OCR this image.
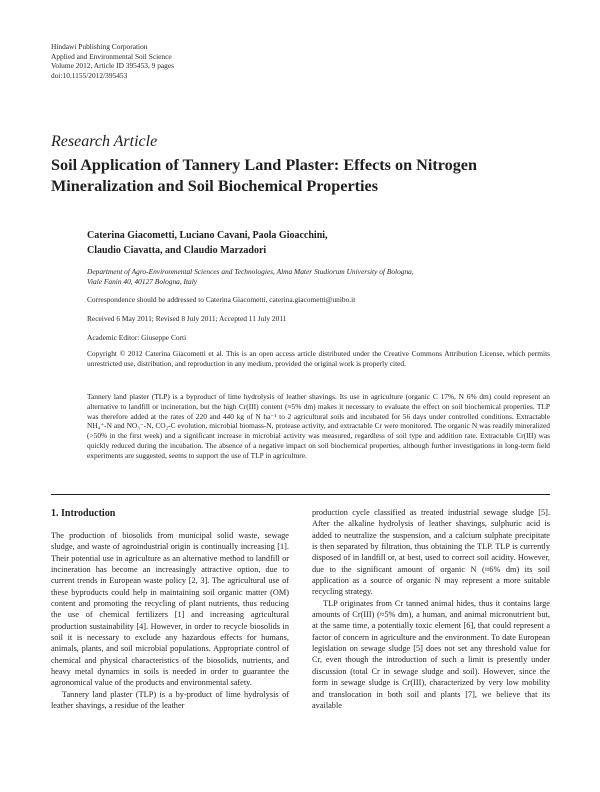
Hindawi Publishing Corporation
Applied and Environmental Soil Science
Volume 2012, Article ID 395453, 9 pages
doi:10.1155/2012/395453
Research Article
Soil Application of Tannery Land Plaster: Effects on Nitrogen Mineralization and Soil Biochemical Properties
Caterina Giacometti, Luciano Cavani, Paola Gioacchini,
Claudio Ciavatta, and Claudio Marzadori
Department of Agro-Environmental Sciences and Technologies, Alma Mater Studiorum University of Bologna,
Viale Fanin 40, 40127 Bologna, Italy
Correspondence should be addressed to Caterina Giacometti, caterina.giacometti@unibo.it
Received 6 May 2011; Revised 8 July 2011; Accepted 11 July 2011
Academic Editor: Giuseppe Corti
Copyright © 2012 Caterina Giacometti et al. This is an open access article distributed under the Creative Commons Attribution License, which permits unrestricted use, distribution, and reproduction in any medium, provided the original work is properly cited.
Tannery land plaster (TLP) is a byproduct of lime hydrolysis of leather shavings. Its use in agriculture (organic C 17%, N 6% dm) could represent an alternative to landfill or incineration, but the high Cr(III) content (≈5% dm) makes it necessary to evaluate the effect on soil biochemical properties. TLP was therefore added at the rates of 220 and 440 kg of N ha⁻¹ to 2 agricultural soils and incubated for 56 days under controlled conditions. Extractable NH₄⁺-N and NO₃⁻-N, CO₂-C evolution, microbial biomass-N, protease activity, and extractable Cr were monitored. The organic N was readily mineralized (>50% in the first week) and a significant increase in microbial activity was measured, regardless of soil type and addition rate. Extractable Cr(III) was quickly reduced during the incubation. The absence of a negative impact on soil biochemical properties, although further investigations in long-term field experiments are suggested, seems to support the use of TLP in agriculture.
1. Introduction

The production of biosolids from municipal solid waste, sewage sludge, and waste of agroindustrial origin is continually increasing [1]. Their potential use in agriculture as an alternative method to landfill or incineration has become an increasingly attractive option, due to current trends in European waste policy [2, 3]. The agricultural use of these byproducts could help in maintaining soil organic matter (OM) content and promoting the recycling of plant nutrients, thus reducing the use of chemical fertilizers [1] and increasing agricultural production sustainability [4]. However, in order to recycle biosolids in soil it is necessary to exclude any hazardous effects for humans, animals, plants, and soil microbial populations. Appropriate control of chemical and physical characteristics of the biosolids, nutrients, and heavy metal dynamics in soils is needed in order to guarantee the agronomical value of the products and environmental safety.

Tannery land plaster (TLP) is a by-product of lime hydrolysis of leather shavings, a residue of the leather

production cycle classified as treated industrial sewage sludge [5]. After the alkaline hydrolysis of leather shavings, sulphuric acid is added to neutralize the suspension, and a calcium sulphate precipitate is then separated by filtration, thus obtaining the TLP. TLP is currently disposed of in landfill or, at best, used to correct soil acidity. However, due to the significant amount of organic N (≈6% dm) its soil application as a source of organic N may represent a more suitable recycling strategy.

TLP originates from Cr tanned animal hides, thus it contains large amounts of Cr(III) (≈5% dm), a human, and animal micronutrient but, at the same time, a potentially toxic element [6], that could represent a factor of concern in agriculture and the environment. To date European legislation on sewage sludge [5] does not set any threshold value for Cr, even though the introduction of such a limit is presently under discussion (total Cr in sewage sludge and soil). However, since the form in sewage sludge is Cr(III), characterized by very low mobility and translocation in both soil and plants [7], we believe that its available
